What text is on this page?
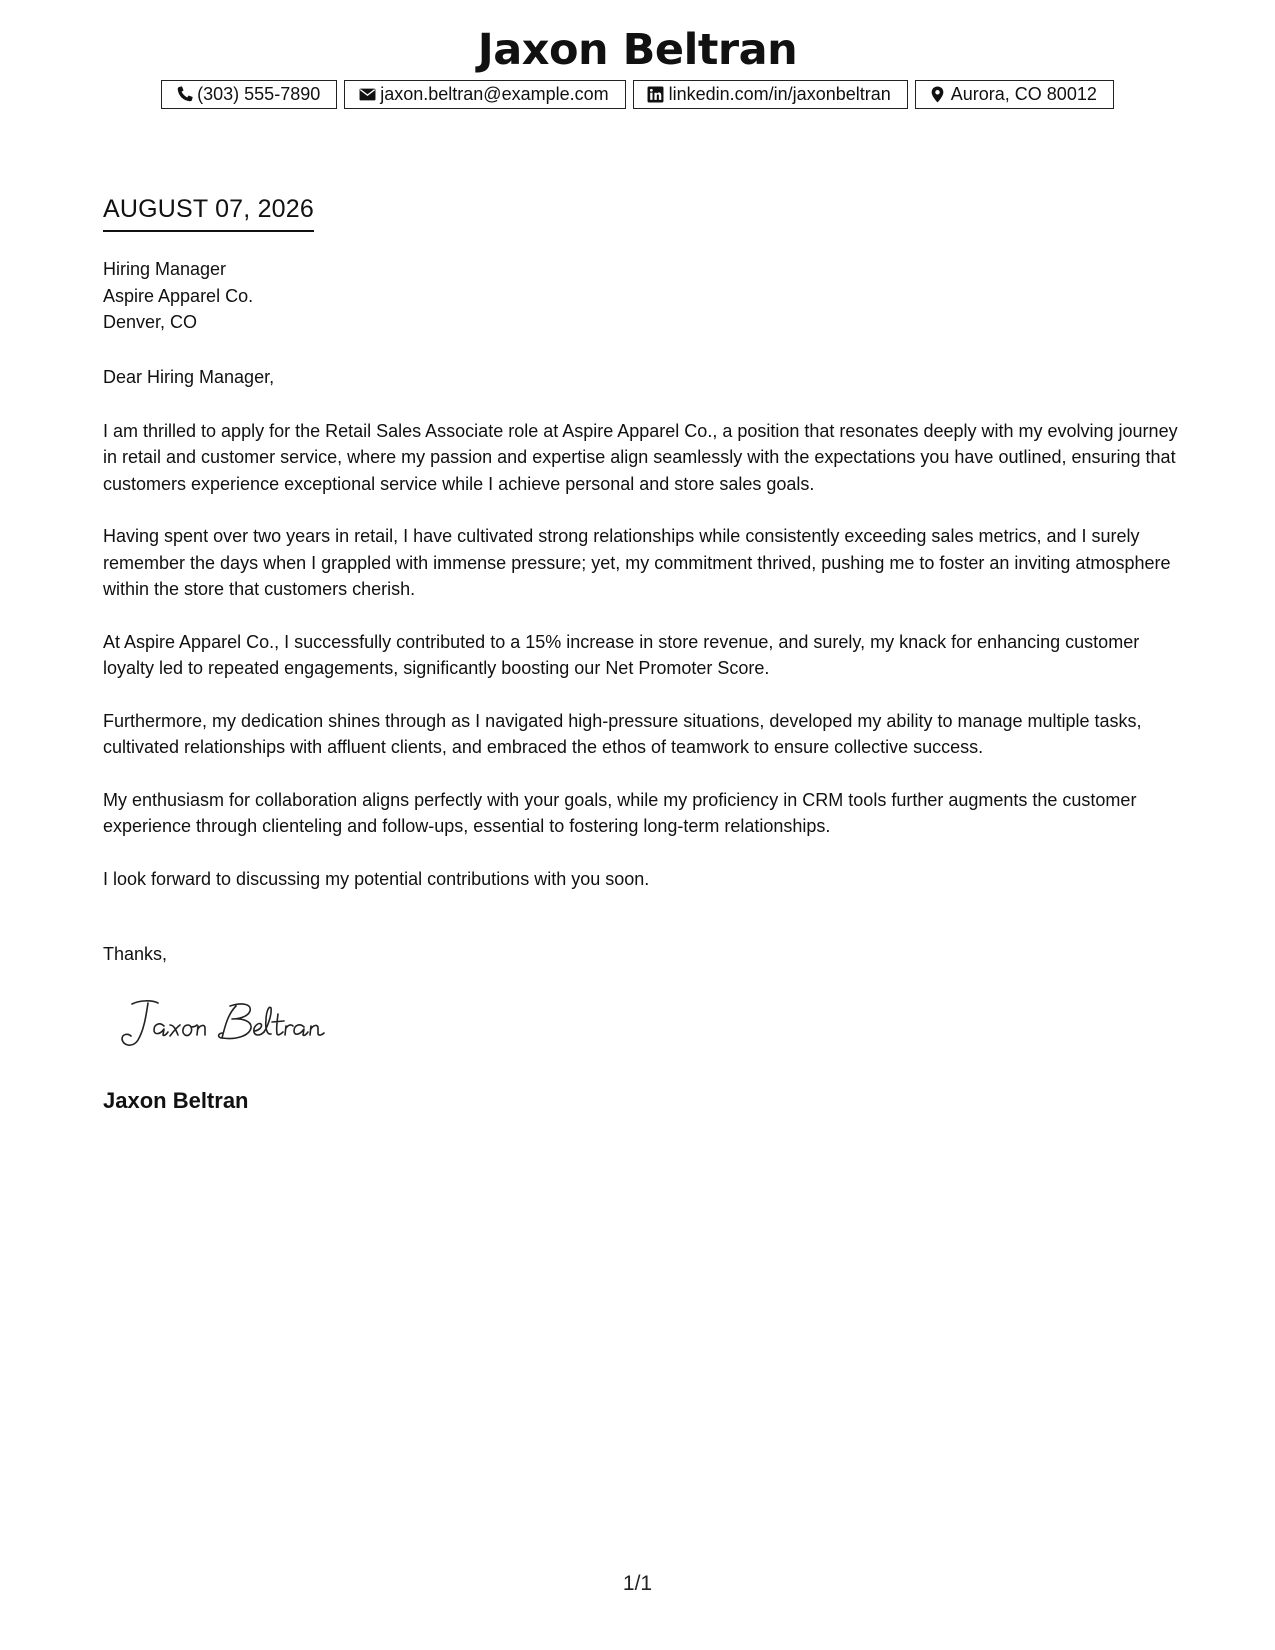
Jaxon Beltran
(303) 555-7890	jaxon.beltran@example.com	linkedin.com/in/jaxonbeltran	Aurora, CO 80012
AUGUST 07, 2026
Hiring Manager
Aspire Apparel Co.
Denver, CO

Dear Hiring Manager,

I am thrilled to apply for the Retail Sales Associate role at Aspire Apparel Co., a position that resonates deeply with my evolving journey in retail and customer service, where my passion and expertise align seamlessly with the expectations you have outlined, ensuring that customers experience exceptional service while I achieve personal and store sales goals.

Having spent over two years in retail, I have cultivated strong relationships while consistently exceeding sales metrics, and I surely remember the days when I grappled with immense pressure; yet, my commitment thrived, pushing me to foster an inviting atmosphere within the store that customers cherish.

At Aspire Apparel Co., I successfully contributed to a 15% increase in store revenue, and surely, my knack for enhancing customer loyalty led to repeated engagements, significantly boosting our Net Promoter Score.

Furthermore, my dedication shines through as I navigated high-pressure situations, developed my ability to manage multiple tasks, cultivated relationships with affluent clients, and embraced the ethos of teamwork to ensure collective success.

My enthusiasm for collaboration aligns perfectly with your goals, while my proficiency in CRM tools further augments the customer experience through clienteling and follow-ups, essential to fostering long-term relationships.

I look forward to discussing my potential contributions with you soon.

Thanks,
Jaxon Beltran
1/1
